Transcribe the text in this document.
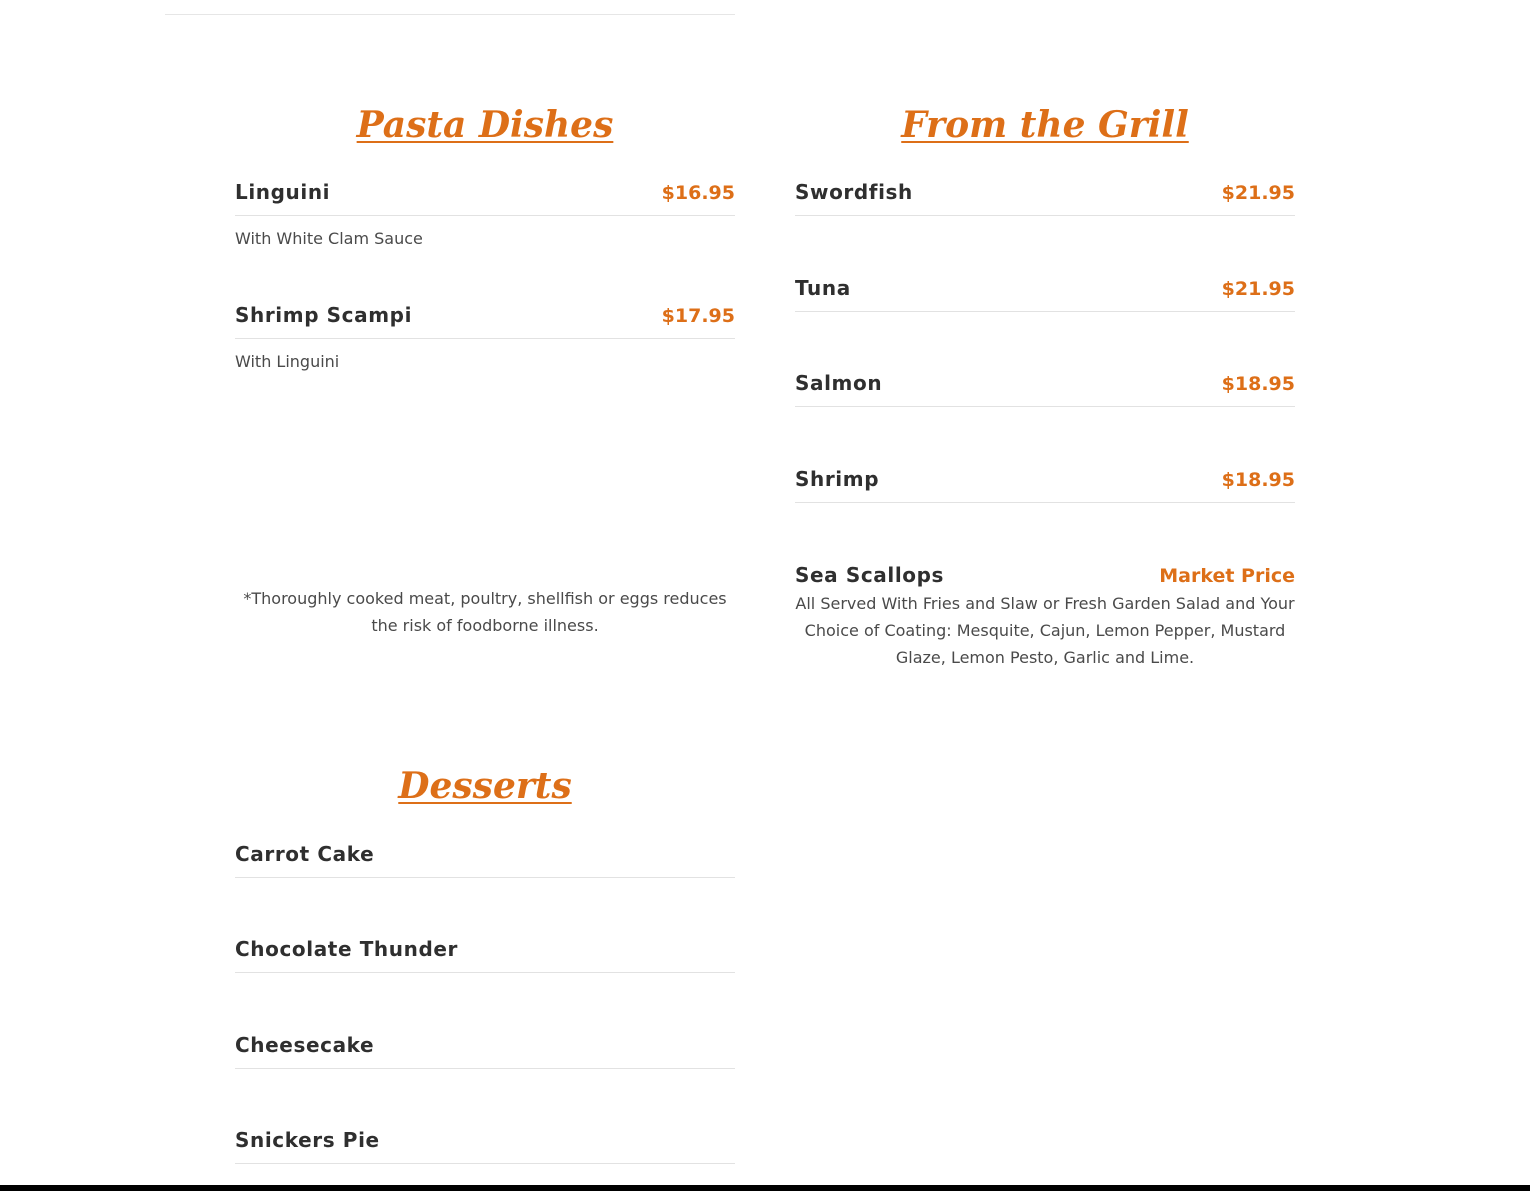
Pasta Dishes
Linguini	$16.95
With White Clam Sauce
Shrimp Scampi	$17.95
With Linguini
*Thoroughly cooked meat, poultry, shellfish or eggs reduces the risk of foodborne illness.
From the Grill
Swordfish	$21.95
Tuna	$21.95
Salmon	$18.95
Shrimp	$18.95
Sea Scallops	Market Price
All Served With Fries and Slaw or Fresh Garden Salad and Your Choice of Coating: Mesquite, Cajun, Lemon Pepper, Mustard Glaze, Lemon Pesto, Garlic and Lime.
Desserts
Carrot Cake
Chocolate Thunder
Cheesecake
Snickers Pie
